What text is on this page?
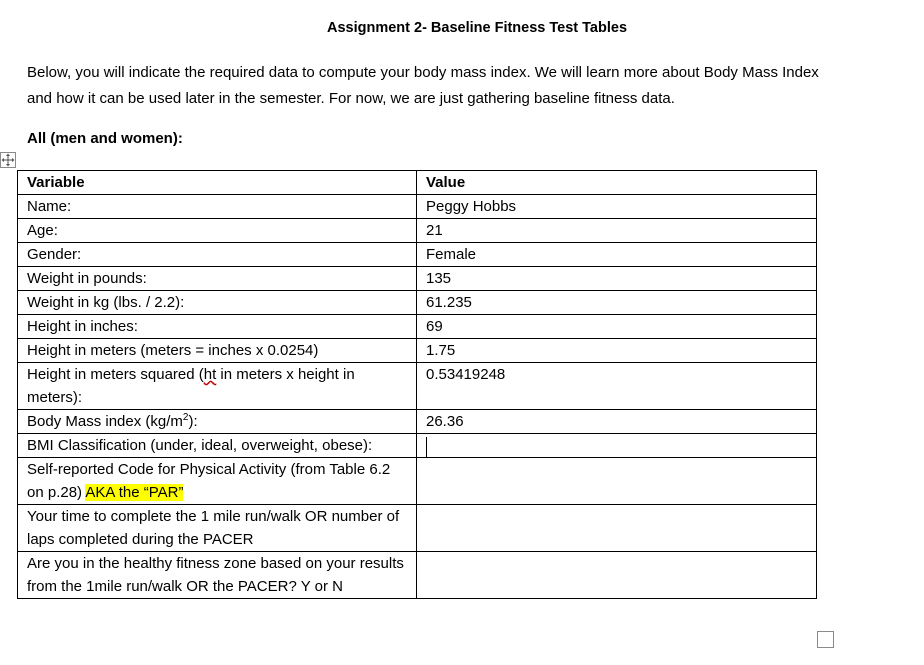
Assignment 2- Baseline Fitness Test Tables

Below, you will indicate the required data to compute your body mass index. We will learn more about Body Mass Index

and how it can be used later in the semester. For now, we are just gathering baseline fitness data.

All (men and women):
Variable	Value
Name:	Peggy Hobbs
Age:	21
Gender:	Female
Weight in pounds:	135
Weight in kg (lbs. / 2.2):	61.235
Height in inches:	69
Height in meters (meters = inches x 0.0254)	1.75
Height in meters squared (ht in meters x height in meters):	0.53419248
Body Mass index $(kg/m^2)$:	26.36
BMI Classification (under, ideal, overweight, obese):	
Self-reported Code for Physical Activity (from Table 6.2 on p.28) AKA the “PAR”	
Your time to complete the 1 mile run/walk OR number of laps completed during the PACER	
Are you in the healthy fitness zone based on your results from the 1mile run/walk OR the PACER? Y or N	
